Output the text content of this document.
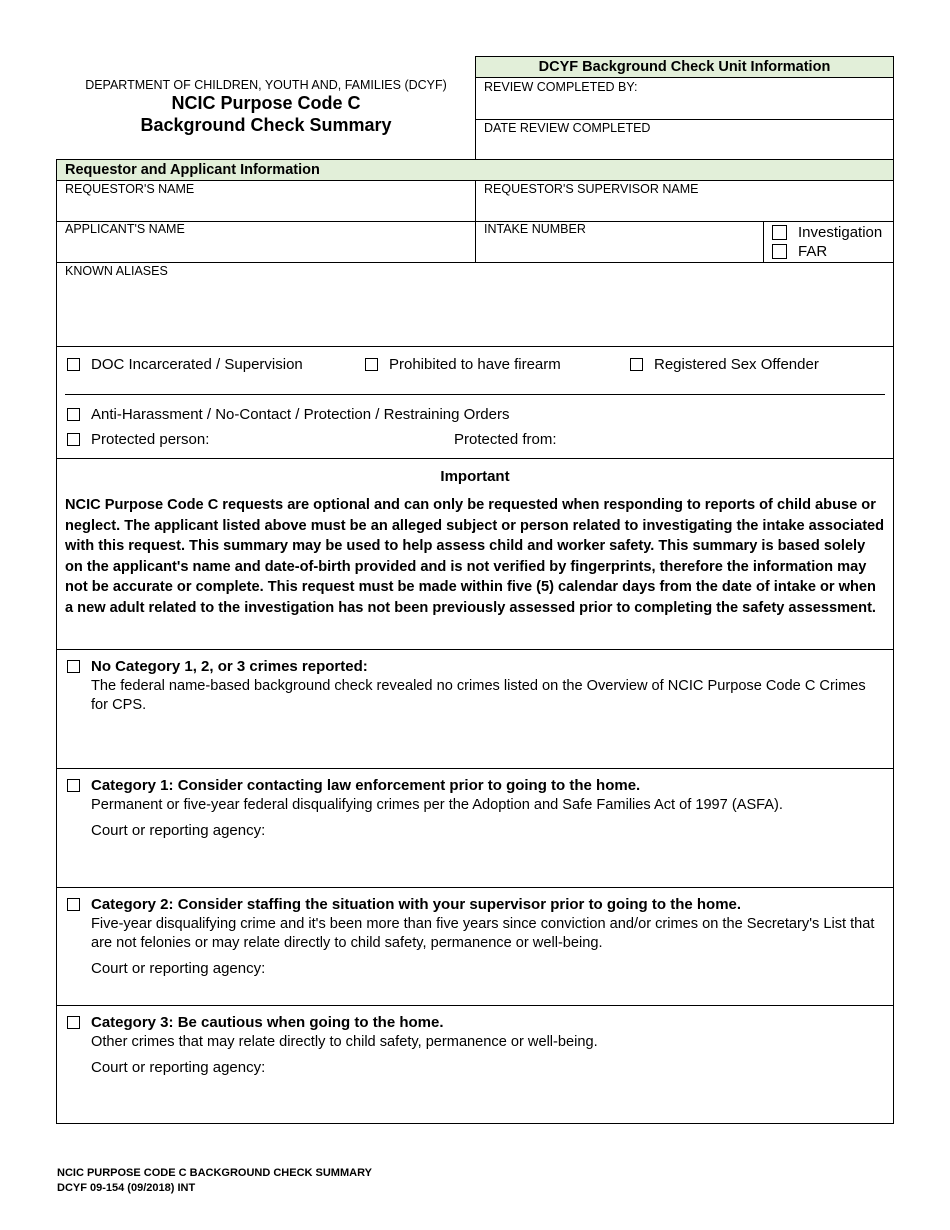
DEPARTMENT OF CHILDREN, YOUTH AND, FAMILIES (DCYF)
NCIC Purpose Code C
Background Check Summary
DCYF Background Check Unit Information
REVIEW COMPLETED BY:
DATE REVIEW COMPLETED
Requestor and Applicant Information
REQUESTOR'S NAME	REQUESTOR'S SUPERVISOR NAME
APPLICANT'S NAME	INTAKE NUMBER	Investigation
FAR
KNOWN ALIASES
DOC Incarcerated / Supervision	Prohibited to have firearm	Registered Sex Offender
Anti-Harassment / No-Contact / Protection / Restraining Orders
Protected person:	Protected from:
Important
NCIC Purpose Code C requests are optional and can only be requested when responding to reports of child abuse or neglect. The applicant listed above must be an alleged subject or person related to investigating the intake associated with this request. This summary may be used to help assess child and worker safety. This summary is based solely on the applicant's name and date-of-birth provided and is not verified by fingerprints, therefore the information may not be accurate or complete. This request must be made within five (5) calendar days from the date of intake or when a new adult related to the investigation has not been previously assessed prior to completing the safety assessment.
No Category 1, 2, or 3 crimes reported:
The federal name-based background check revealed no crimes listed on the Overview of NCIC Purpose Code C Crimes for CPS.
Category 1: Consider contacting law enforcement prior to going to the home.
Permanent or five-year federal disqualifying crimes per the Adoption and Safe Families Act of 1997 (ASFA).
Court or reporting agency:
Category 2: Consider staffing the situation with your supervisor prior to going to the home.
Five-year disqualifying crime and it's been more than five years since conviction and/or crimes on the Secretary's List that are not felonies or may relate directly to child safety, permanence or well-being.
Court or reporting agency:
Category 3: Be cautious when going to the home.
Other crimes that may relate directly to child safety, permanence or well-being.
Court or reporting agency:
NCIC PURPOSE CODE C BACKGROUND CHECK SUMMARY
DCYF 09-154 (09/2018) INT
